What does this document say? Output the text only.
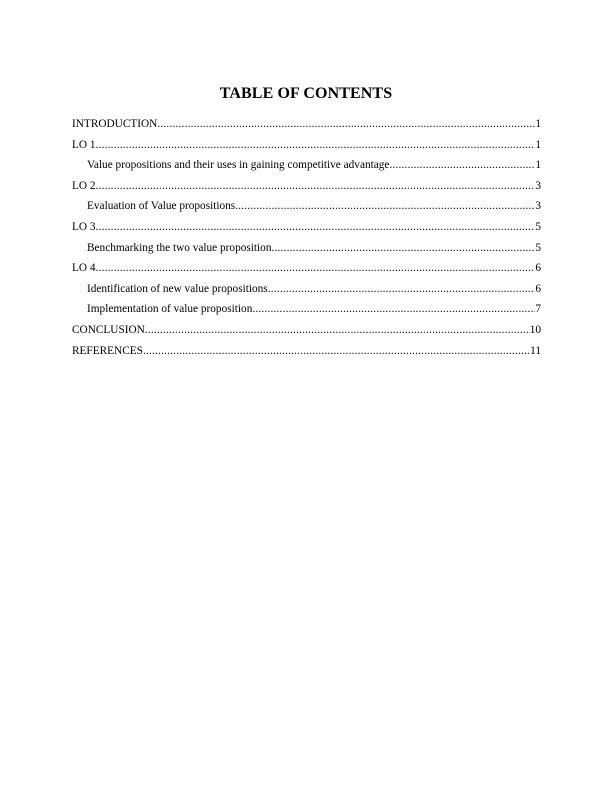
TABLE OF CONTENTS
INTRODUCTION .....	1
LO 1 .....	1
Value propositions and their uses in gaining competitive advantage .....	1
LO 2 .....	3
Evaluation of Value propositions .....	3
LO 3 .....	5
Benchmarking the two value proposition .....	5
LO 4 .....	6
Identification of new value propositions .....	6
Implementation of value proposition .....	7
CONCLUSION .....	10
REFERENCES .....	11
